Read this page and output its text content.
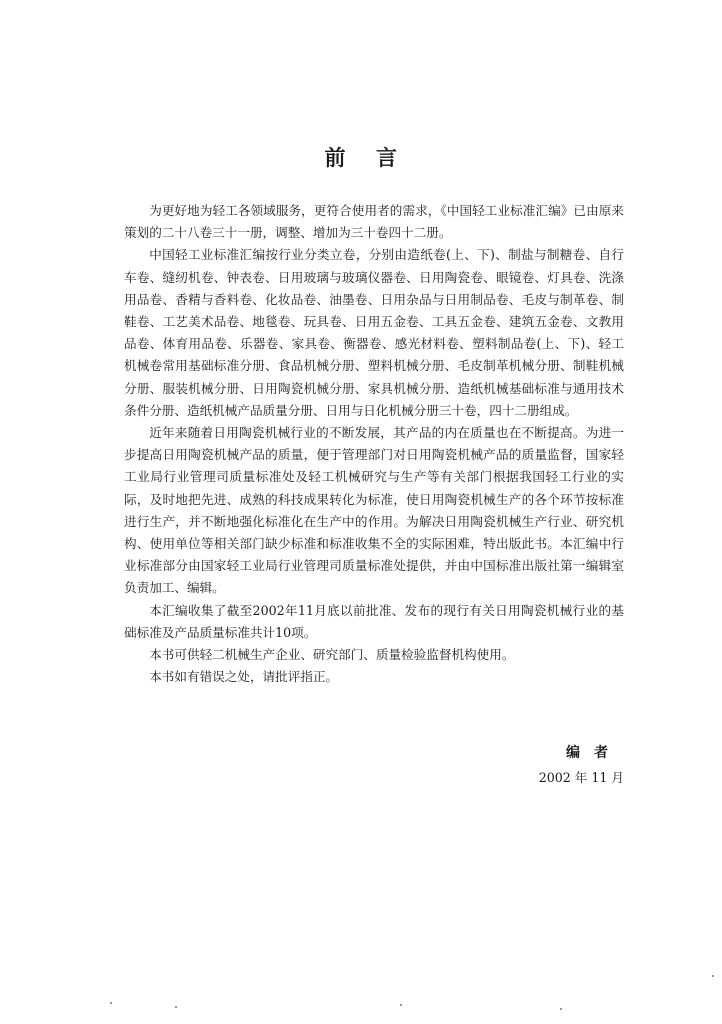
前 言

为更好地为轻工各领域服务，更符合使用者的需求，《中国轻工业标准汇编》已由原来策划的二十八卷三十一册，调整、增加为三十卷四十二册。

中国轻工业标准汇编按行业分类立卷，分别由造纸卷(上、下)、制盐与制糖卷、自行车卷、缝纫机卷、钟表卷、日用玻璃与玻璃仪器卷、日用陶瓷卷、眼镜卷、灯具卷、洗涤用品卷、香精与香料卷、化妆品卷、油墨卷、日用杂品与日用制品卷、毛皮与制革卷、制鞋卷、工艺美术品卷、地毯卷、玩具卷、日用五金卷、工具五金卷、建筑五金卷、文教用品卷、体育用品卷、乐器卷、家具卷、衡器卷、感光材料卷、塑料制品卷(上、下)、轻工机械卷常用基础标准分册、食品机械分册、塑料机械分册、毛皮制革机械分册、制鞋机械分册、服装机械分册、日用陶瓷机械分册、家具机械分册、造纸机械基础标准与通用技术条件分册、造纸机械产品质量分册、日用与日化机械分册三十卷，四十二册组成。

近年来随着日用陶瓷机械行业的不断发展，其产品的内在质量也在不断提高。为进一步提高日用陶瓷机械产品的质量，便于管理部门对日用陶瓷机械产品的质量监督，国家轻工业局行业管理司质量标准处及轻工机械研究与生产等有关部门根据我国轻工行业的实际，及时地把先进、成熟的科技成果转化为标准，使日用陶瓷机械生产的各个环节按标准进行生产，并不断地强化标准化在生产中的作用。为解决日用陶瓷机械生产行业、研究机构、使用单位等相关部门缺少标准和标准收集不全的实际困难，特出版此书。本汇编中行业标准部分由国家轻工业局行业管理司质量标准处提供，并由中国标准出版社第一编辑室负责加工、编辑。

本汇编收集了截至2002年11月底以前批准、发布的现行有关日用陶瓷机械行业的基础标准及产品质量标准共计10项。

本书可供轻二机械生产企业、研究部门、质量检验监督机构使用。

本书如有错误之处，请批评指正。

编者
2002 年 11 月
